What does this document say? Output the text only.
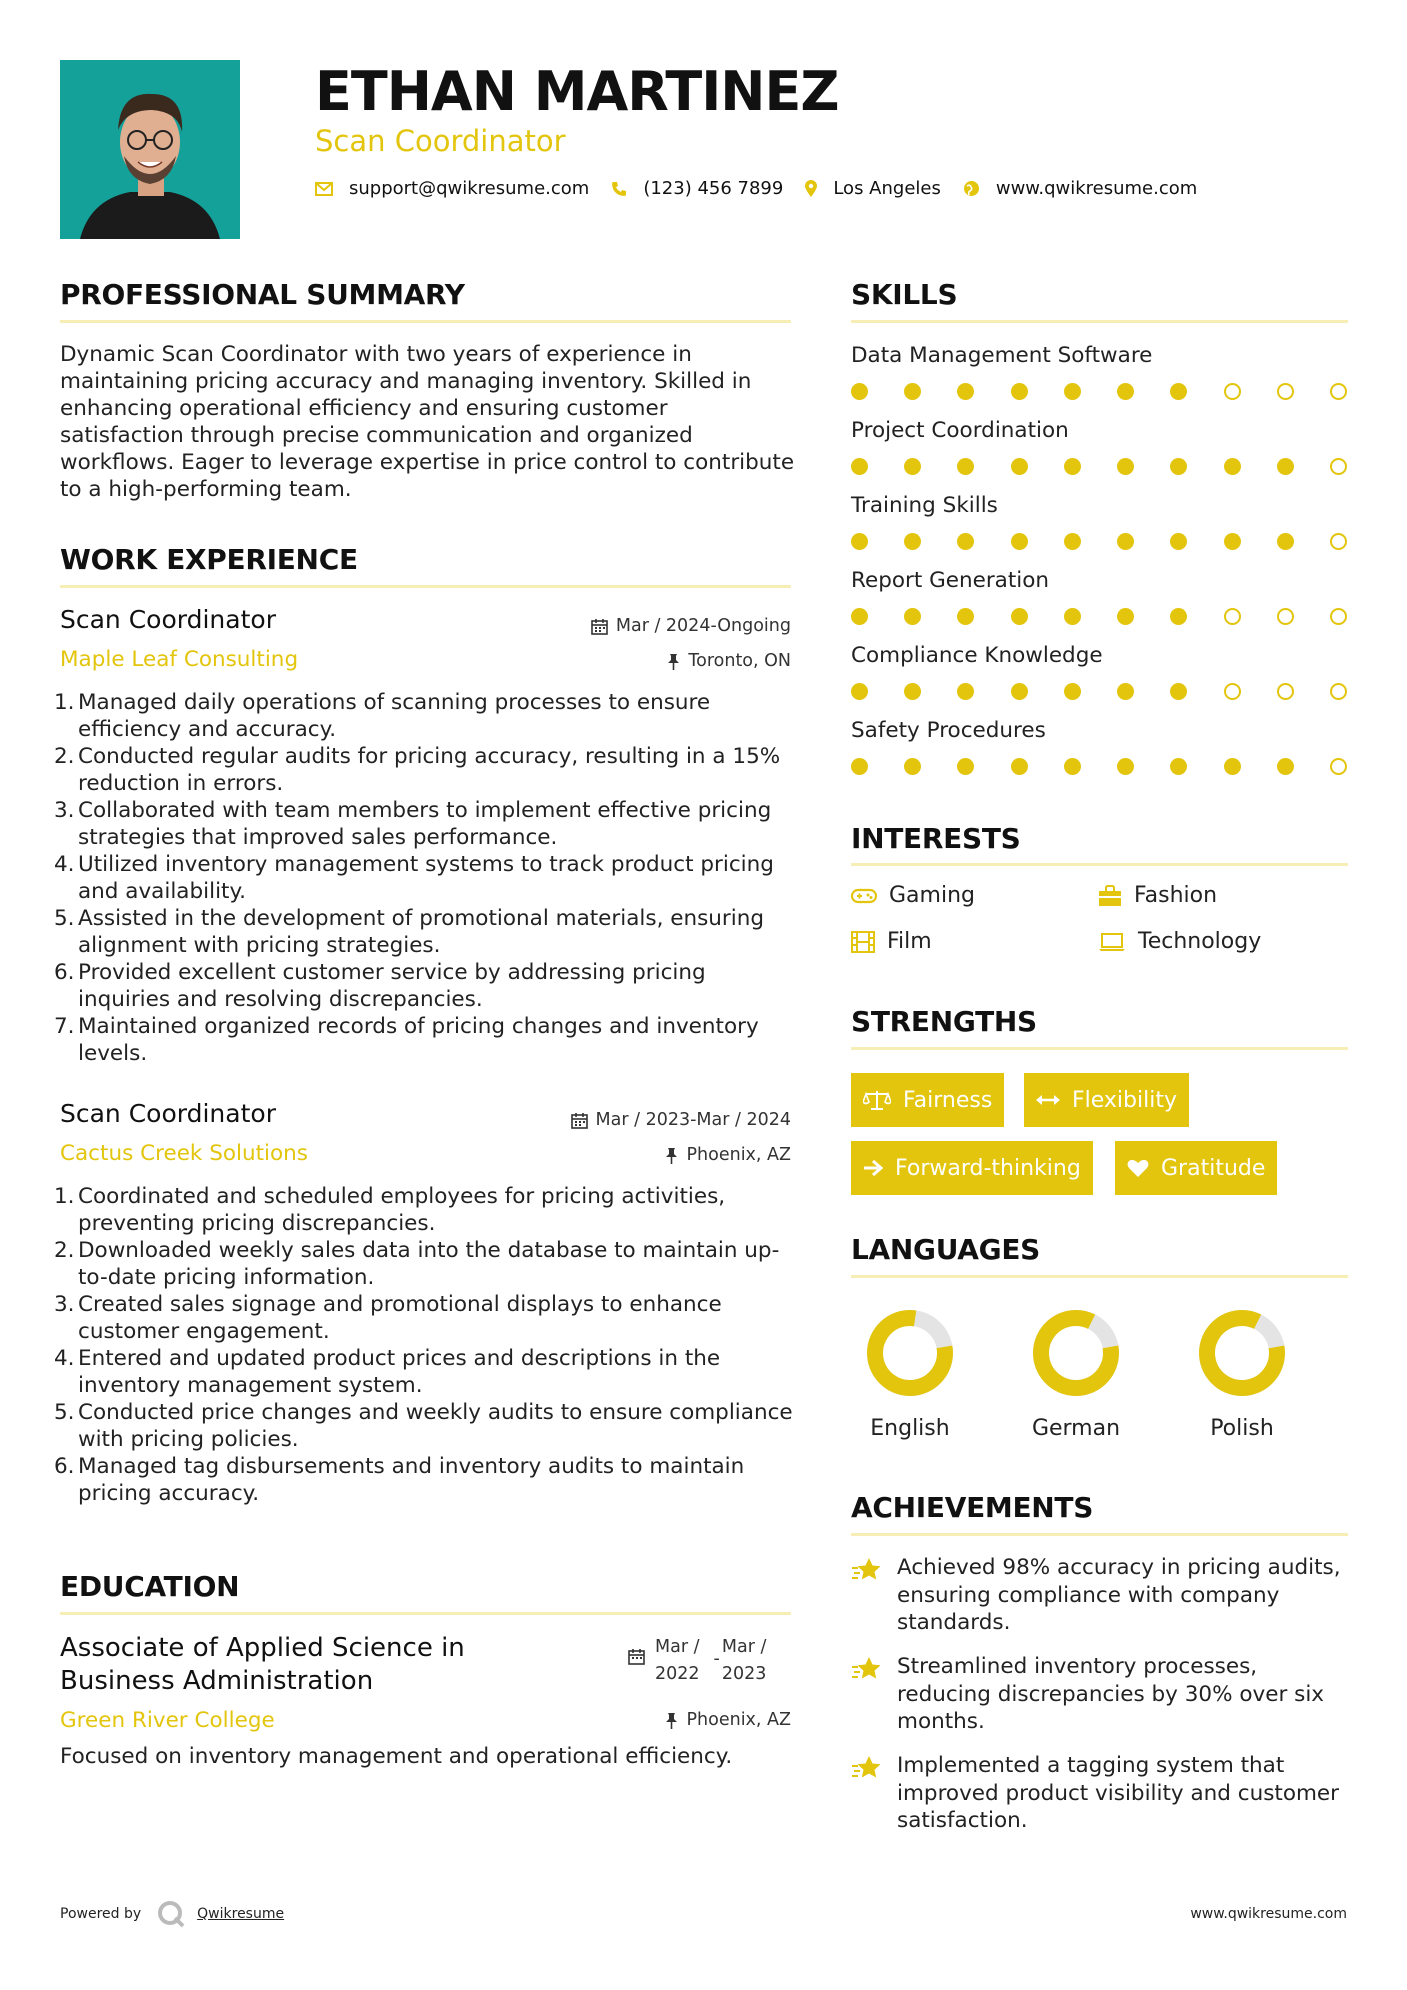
ETHAN MARTINEZ
Scan Coordinator
support@qwikresume.com	(123) 456 7899	Los Angeles	www.qwikresume.com
PROFESSIONAL SUMMARY
Dynamic Scan Coordinator with two years of experience in maintaining pricing accuracy and managing inventory. Skilled in enhancing operational efficiency and ensuring customer satisfaction through precise communication and organized workflows. Eager to leverage expertise in price control to contribute to a high-performing team.
WORK EXPERIENCE
Scan Coordinator	Mar / 2024-Ongoing
Maple Leaf Consulting	Toronto, ON
1. Managed daily operations of scanning processes to ensure efficiency and accuracy.
2. Conducted regular audits for pricing accuracy, resulting in a 15% reduction in errors.
3. Collaborated with team members to implement effective pricing strategies that improved sales performance.
4. Utilized inventory management systems to track product pricing and availability.
5. Assisted in the development of promotional materials, ensuring alignment with pricing strategies.
6. Provided excellent customer service by addressing pricing inquiries and resolving discrepancies.
7. Maintained organized records of pricing changes and inventory levels.
Scan Coordinator	Mar / 2023-Mar / 2024
Cactus Creek Solutions	Phoenix, AZ
1. Coordinated and scheduled employees for pricing activities, preventing pricing discrepancies.
2. Downloaded weekly sales data into the database to maintain up-to-date pricing information.
3. Created sales signage and promotional displays to enhance customer engagement.
4. Entered and updated product prices and descriptions in the inventory management system.
5. Conducted price changes and weekly audits to ensure compliance with pricing policies.
6. Managed tag disbursements and inventory audits to maintain pricing accuracy.
EDUCATION
Associate of Applied Science in
Business Administration
Mar /
2022
-
Mar /
2023
Green River College	Phoenix, AZ
Focused on inventory management and operational efficiency.
SKILLS
Data Management Software
Project Coordination
Training Skills
Report Generation
Compliance Knowledge
Safety Procedures
INTERESTS
Gaming	Fashion
Film	Technology
STRENGTHS
Fairness	Flexibility
Forward-thinking	Gratitude
LANGUAGES
English	German	Polish
ACHIEVEMENTS
Achieved 98% accuracy in pricing audits, ensuring compliance with company standards.
Streamlined inventory processes, reducing discrepancies by 30% over six months.
Implemented a tagging system that improved product visibility and customer satisfaction.
Powered by	Qwikresume	www.qwikresume.com
